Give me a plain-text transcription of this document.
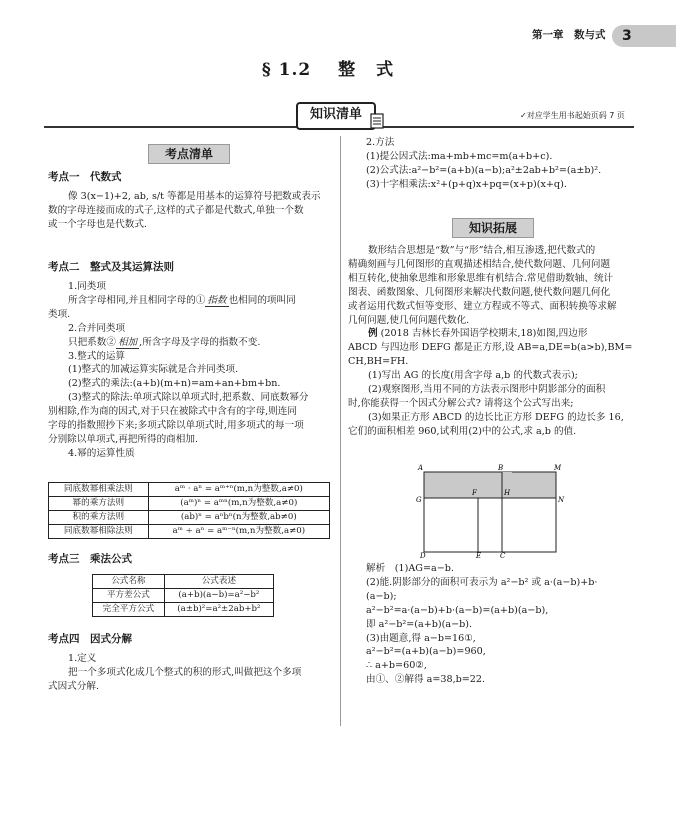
第一章　数与式	3
§ 1.2 整 式
知识清单	✓对应学生用书起始页码 7 页
考点清单
考点一　代数式
像 3(x−1)+2, ab, s/t 等都是用基本的运算符号把数或表示
数的字母连接而成的式子,这样的式子都是代数式,单独一个数
或一个字母也是代数式.
考点二　整式及其运算法则
1.同类项
所含字母相同,并且相同字母的① 指数 也相同的项叫同
类项.
2.合并同类项
只把系数② 相加 ,所含字母及字母的指数不变.
3.整式的运算
(1)整式的加减运算实际就是合并同类项.
(2)整式的乘法:(a+b)(m+n)=am+an+bm+bn.
(3)整式的除法:单项式除以单项式时,把系数、同底数幂分
别相除,作为商的因式,对于只在被除式中含有的字母,则连同
字母的指数照抄下来;多项式除以单项式时,用多项式的每一项
分别除以单项式,再把所得的商相加.
4.幂的运算性质
同底数幂相乘法则	aᵐ · aⁿ = aᵐ⁺ⁿ(m,n为整数,a≠0)
幂的乘方法则	(aᵐ)ⁿ = aᵐⁿ(m,n为整数,a≠0)
积的乘方法则	(ab)ⁿ = aⁿbⁿ(n为整数,ab≠0)
同底数幂相除法则	aᵐ ÷ aⁿ = aᵐ⁻ⁿ(m,n为整数,a≠0)
考点三　乘法公式
公式名称	公式表述
平方差公式	(a+b)(a−b)=a²−b²
完全平方公式	(a±b)²=a²±2ab+b²
考点四　因式分解
1.定义
把一个多项式化成几个整式的积的形式,叫做把这个多项
式因式分解.
2.方法
(1)提公因式法:ma+mb+mc=m(a+b+c).
(2)公式法:a²−b²=(a+b)(a−b);a²±2ab+b²=(a±b)².
(3)十字相乘法:x²+(p+q)x+pq=(x+p)(x+q).
知识拓展
数形结合思想是“数”与“形”结合,相互渗透,把代数式的
精确刻画与几何图形的直观描述相结合,使代数问题、几何问题
相互转化,使抽象思维和形象思维有机结合.常见借助数轴、统计
图表、函数图象、几何图形来解决代数问题,使代数问题几何化
或者运用代数式恒等变形、建立方程或不等式、面积转换等求解
几何问题,使几何问题代数化.
例 (2018 吉林长春外国语学校期末,18)如图,四边形
ABCD 与四边形 DEFG 都是正方形,设 AB=a,DE=b(a>b),BM=
CH,BH=FH.
(1)写出 AG 的长度(用含字母 a,b 的代数式表示);
(2)观察图形,当用不同的方法表示图形中阴影部分的面积
时,你能获得一个因式分解公式? 请将这个公式写出来;
(3)如果正方形 ABCD 的边长比正方形 DEFG 的边长多 16,
它们的面积相差 960,试利用(2)中的公式,求 a,b 的值.
A	B	M
G
F	H
N
D	E	C
解析　(1)AG=a−b.
(2)能.阴影部分的面积可表示为 a²−b² 或 a·(a−b)+b·
(a−b);
a²−b²=a·(a−b)+b·(a−b)=(a+b)(a−b),
即 a²−b²=(a+b)(a−b).
(3)由题意,得 a−b=16①,
a²−b²=(a+b)(a−b)=960,
∴ a+b=60②,
由①、②解得 a=38,b=22.
